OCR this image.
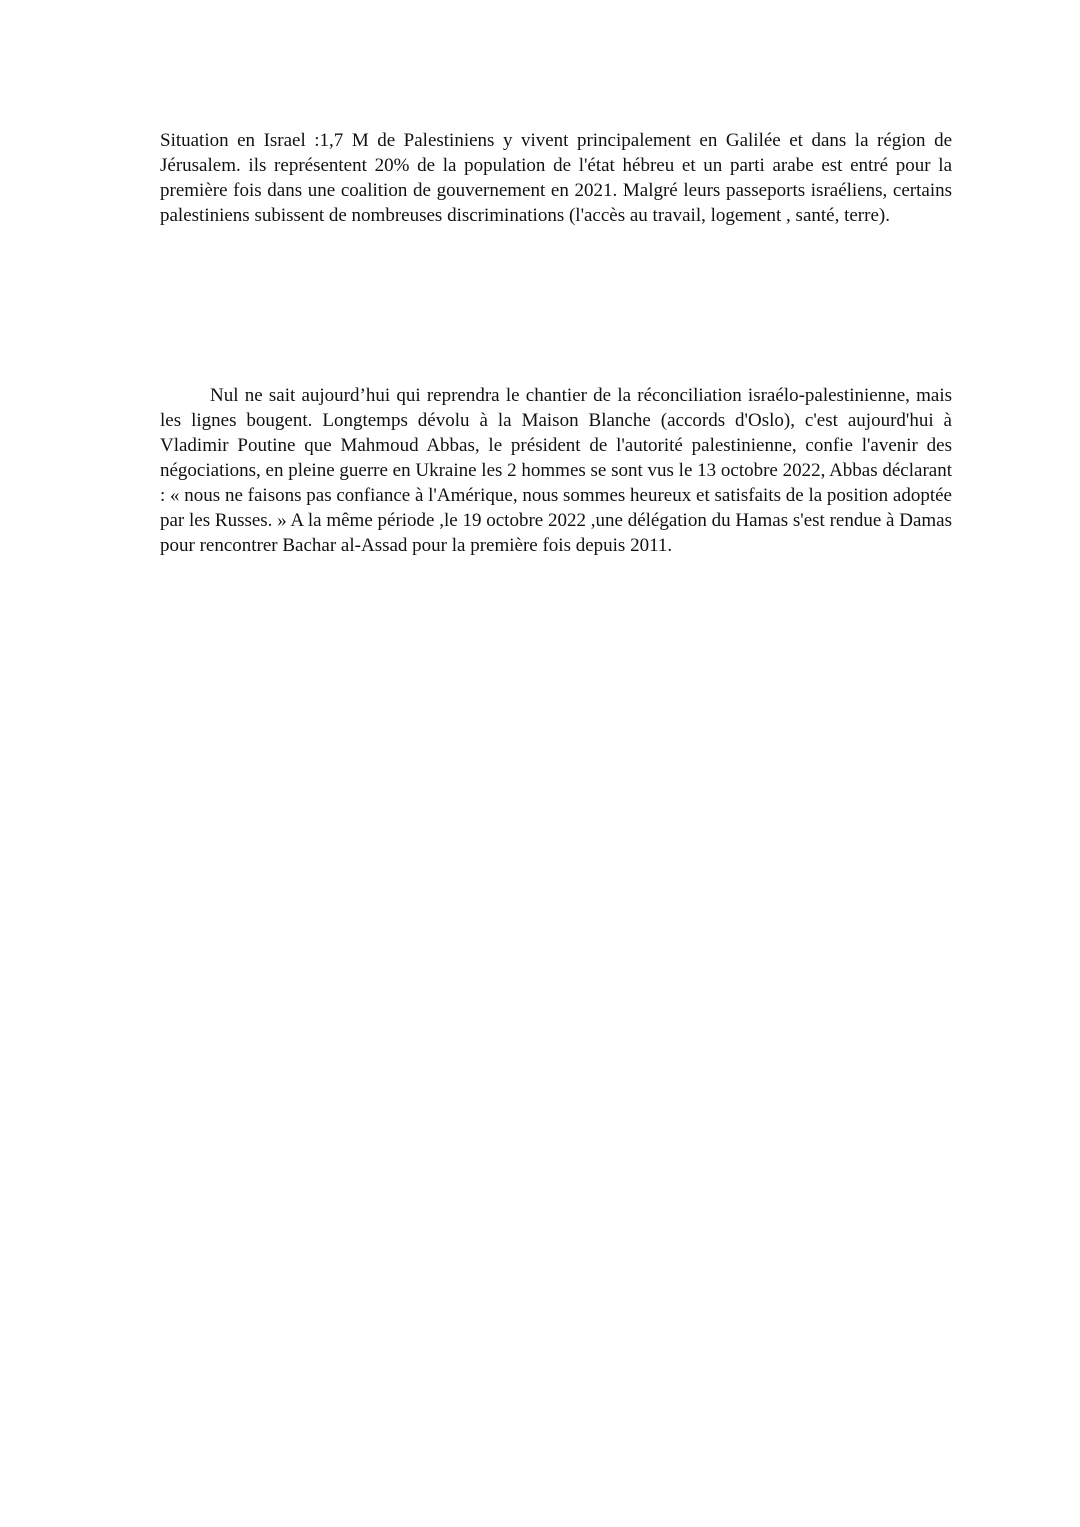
Situation en Israel :1,7 M de Palestiniens y vivent principalement en Galilée et dans la région de Jérusalem. ils représentent 20% de la population de l'état hébreu et un parti arabe est entré pour la première fois dans une coalition de gouvernement en 2021. Malgré leurs passeports israéliens, certains palestiniens subissent de nombreuses discriminations (l'accès au travail, logement , santé, terre).

Nul ne sait aujourd’hui qui reprendra le chantier de la réconciliation israélo-palestinienne, mais les lignes bougent. Longtemps dévolu à la Maison Blanche (accords d'Oslo), c'est aujourd'hui à Vladimir Poutine que Mahmoud Abbas, le président de l'autorité palestinienne, confie l'avenir des négociations, en pleine guerre en Ukraine les 2 hommes se sont vus le 13 octobre 2022, Abbas déclarant : « nous ne faisons pas confiance à l'Amérique, nous sommes heureux et satisfaits de la position adoptée par les Russes. » A la même période ,le 19 octobre 2022 ,une délégation du Hamas s'est rendue à Damas pour rencontrer Bachar al-Assad pour la première fois depuis 2011.
